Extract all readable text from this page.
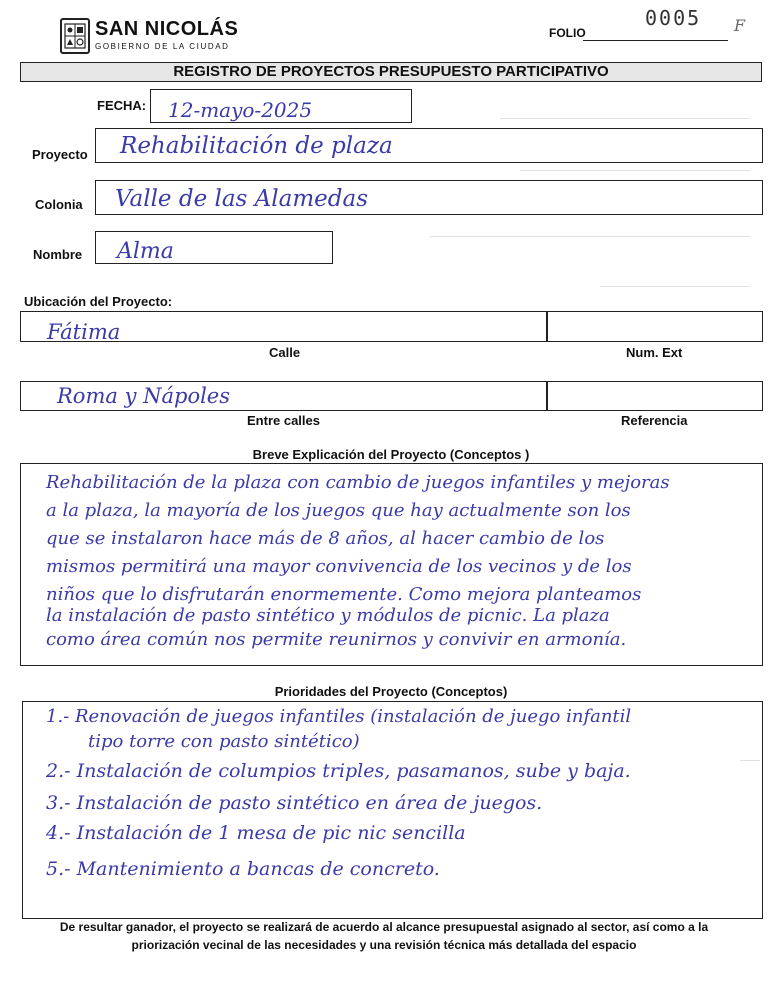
SAN NICOLÁS
GOBIERNO DE LA CIUDAD
FOLIO
0005 F
REGISTRO DE PROYECTOS PRESUPUESTO PARTICIPATIVO
FECHA: 12-mayo-2025
Proyecto Rehabilitación de plaza
Colonia Valle de las Alamedas
Nombre Alma
Ubicación del Proyecto:
Fátima
Calle	Num. Ext
Roma y Nápoles
Entre calles	Referencia
Breve Explicación del Proyecto (Conceptos )
Rehabilitación de la plaza con cambio de juegos infantiles y mejoras
a la plaza, la mayoría de los juegos que hay actualmente son los
que se instalaron hace más de 8 años, al hacer cambio de los
mismos permitirá una mayor convivencia de los vecinos y de los
niños que lo disfrutarán enormemente. Como mejora planteamos
la instalación de pasto sintético y módulos de picnic. La plaza
como área común nos permite reunirnos y convivir en armonía.
Prioridades del Proyecto (Conceptos)
1.- Renovación de juegos infantiles (instalación de juego infantil
tipo torre con pasto sintético)
2.- Instalación de columpios triples, pasamanos, sube y baja.
3.- Instalación de pasto sintético en área de juegos.
4.- Instalación de 1 mesa de pic nic sencilla
5.- Mantenimiento a bancas de concreto.
De resultar ganador, el proyecto se realizará de acuerdo al alcance presupuestal asignado al sector, así como a la
priorización vecinal de las necesidades y una revisión técnica más detallada del espacio
